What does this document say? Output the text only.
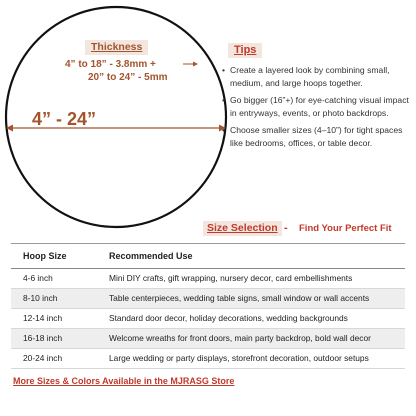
Thickness
4” to 18” - 3.8mm +
20” to 24” - 5mm
4” - 24”
Tips
• Create a layered look by combining small, medium, and large hoops together.
• Go bigger (16”+) for eye-catching visual impact in entryways, events, or photo backdrops.
• Choose smaller sizes (4–10”) for tight spaces like bedrooms, offices, or table decor.
Size Selection - Find Your Perfect Fit
Hoop Size	Recommended Use
4-6 inch	Mini DIY crafts, gift wrapping, nursery decor, card embellishments
8-10 inch	Table centerpieces, wedding table signs, small window or wall accents
12-14 inch	Standard door decor, holiday decorations, wedding backgrounds
16-18 inch	Welcome wreaths for front doors, main party backdrop, bold wall decor
20-24 inch	Large wedding or party displays, storefront decoration, outdoor setups
More Sizes & Colors Available in the MJRASG Store
